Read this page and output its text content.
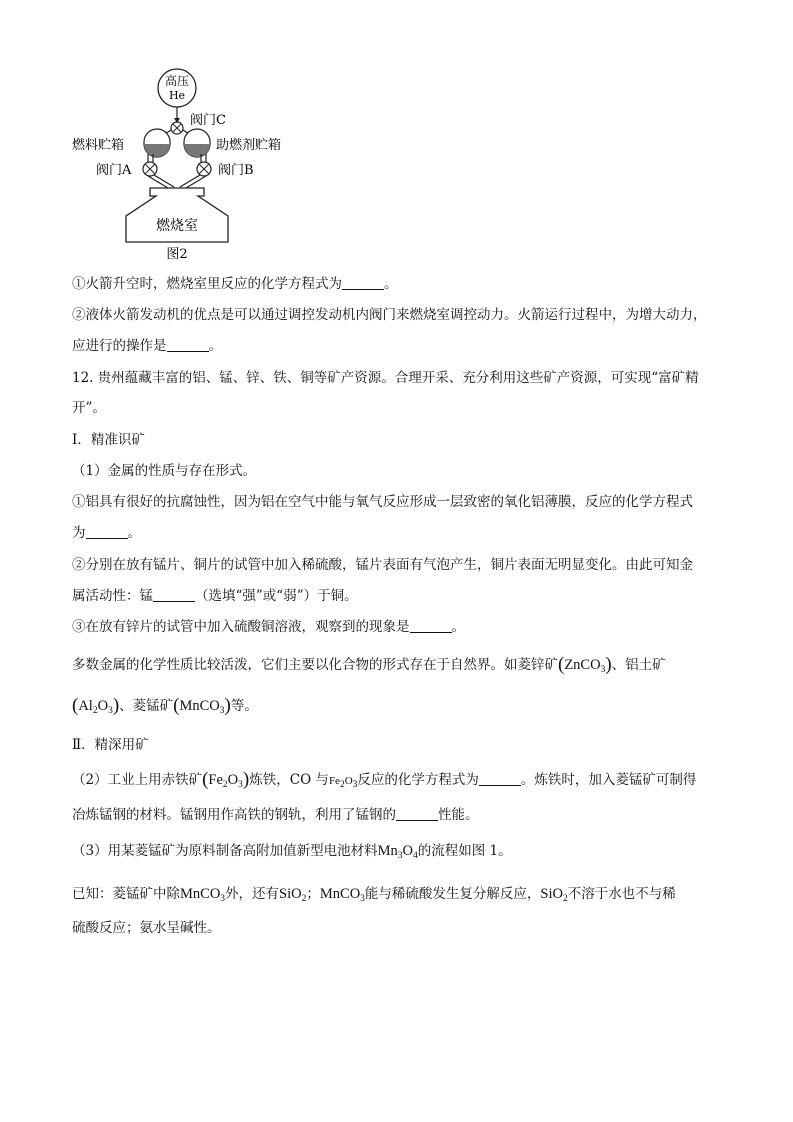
高压
He
阀门C
燃料贮箱	助燃剂贮箱
阀门A	阀门B
燃烧室
图2
①火箭升空时，燃烧室里反应的化学方程式为	。
②液体火箭发动机的优点是可以通过调控发动机内阀门来燃烧室调控动力。火箭运行过程中，为增大动力，
应进行的操作是	。
12. 贵州蕴藏丰富的铝、锰、锌、铁、铜等矿产资源。合理开采、充分利用这些矿产资源，可实现“富矿精
开”。
Ⅰ．精准识矿
（1）金属的性质与存在形式。
①铝具有很好的抗腐蚀性，因为铝在空气中能与氧气反应形成一层致密的氧化铝薄膜，反应的化学方程式
为	。
②分别在放有锰片、铜片的试管中加入稀硫酸，锰片表面有气泡产生，铜片表面无明显变化。由此可知金
属活动性：锰	（选填“强”或“弱”）于铜。
③在放有锌片的试管中加入硫酸铜溶液，观察到的现象是	。
多数金属的化学性质比较活泼，它们主要以化合物的形式存在于自然界。如菱锌矿(ZnCO$_3$)、铝土矿
$(Al_2O_3)$、菱锰矿(MnCO$_3$)等。
Ⅱ．精深用矿
（2）工业上用赤铁矿$(Fe_2O_3)$炼铁，CO 与$Fe_2O_3$反应的化学方程式为	。炼铁时，加入菱锰矿可制得
冶炼锰钢的材料。锰钢用作高铁的钢轨，利用了锰钢的	性能。
（3）用某菱锰矿为原料制备高附加值新型电池材料$Mn_3O_4$的流程如图 1。
已知：菱锰矿中除MnCO$_3$外，还有SiO$_2$；MnCO$_3$能与稀硫酸发生复分解反应，SiO$_2$不溶于水也不与稀
硫酸反应；氨水呈碱性。
